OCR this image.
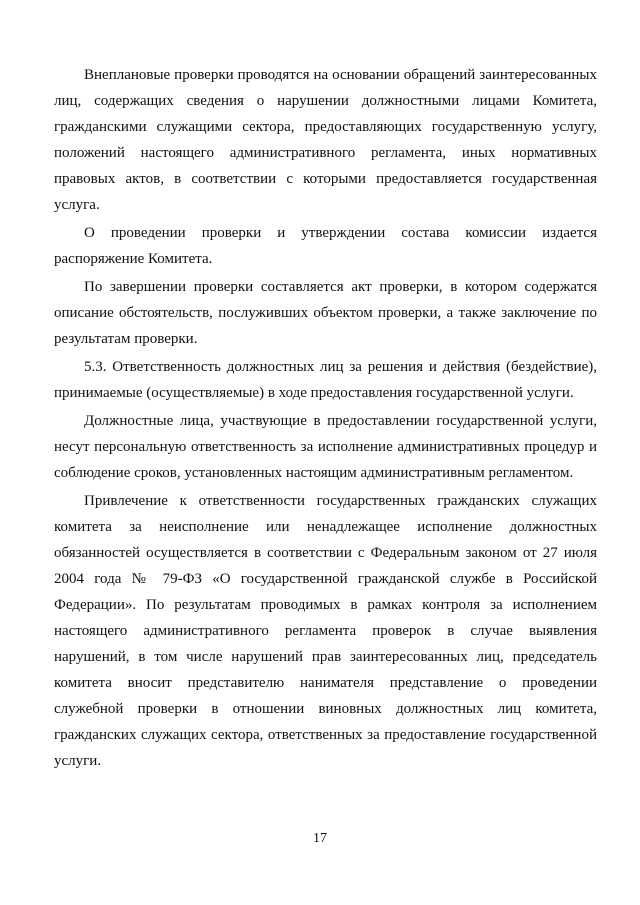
Внеплановые проверки проводятся на основании обращений заинтересованных лиц, содержащих сведения о нарушении должностными лицами Комитета, гражданскими служащими сектора, предоставляющих государственную услугу, положений настоящего административного регламента, иных нормативных правовых актов, в соответствии с которыми предоставляется государственная услуга.

О проведении проверки и утверждении состава комиссии издается распоряжение Комитета.

По завершении проверки составляется акт проверки, в котором содержатся описание обстоятельств, послуживших объектом проверки, а также заключение по результатам проверки.

5.3. Ответственность должностных лиц за решения и действия (бездействие), принимаемые (осуществляемые) в ходе предоставления государственной услуги.

Должностные лица, участвующие в предоставлении государственной услуги, несут персональную ответственность за исполнение административных процедур и соблюдение сроков, установленных настоящим административным регламентом.

Привлечение к ответственности государственных гражданских служащих комитета за неисполнение или ненадлежащее исполнение должностных обязанностей осуществляется в соответствии с Федеральным законом от 27 июля 2004 года № 79-ФЗ «О государственной гражданской службе в Российской Федерации». По результатам проводимых в рамках контроля за исполнением настоящего административного регламента проверок в случае выявления нарушений, в том числе нарушений прав заинтересованных лиц, председатель комитета вносит представителю нанимателя представление о проведении служебной проверки в отношении виновных должностных лиц комитета, гражданских служащих сектора, ответственных за предоставление государственной услуги.

17
